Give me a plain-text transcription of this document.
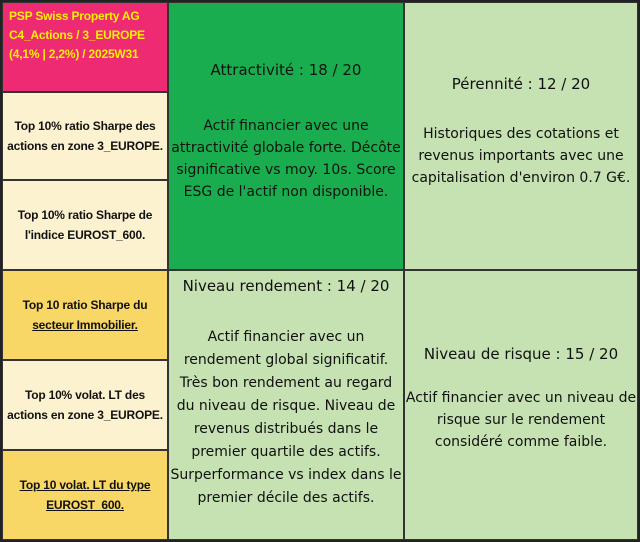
PSP Swiss Property AG
C4_Actions / 3_EUROPE
(4,1% | 2,2%) / 2025W31
Top 10% ratio Sharpe des
actions en zone 3_EUROPE.
Top 10% ratio Sharpe de
l'indice EUROST_600.
Top 10 ratio Sharpe du
secteur Immobilier.
Top 10% volat. LT des
actions en zone 3_EUROPE.
Top 10 volat. LT du type
EUROST_600.
Attractivité : 18 / 20
Actif financier avec une
attractivité globale forte. Décôte
significative vs moy. 10s. Score
ESG de l'actif non disponible.
Pérennité : 12 / 20
Historiques des cotations et
revenus importants avec une
capitalisation d'environ 0.7 G€.
Niveau rendement : 14 / 20
Actif financier avec un
rendement global significatif.
Très bon rendement au regard
du niveau de risque. Niveau de
revenus distribués dans le
premier quartile des actifs.
Surperformance vs index dans le
premier décile des actifs.
Niveau de risque : 15 / 20
Actif financier avec un niveau de
risque sur le rendement
considéré comme faible.
